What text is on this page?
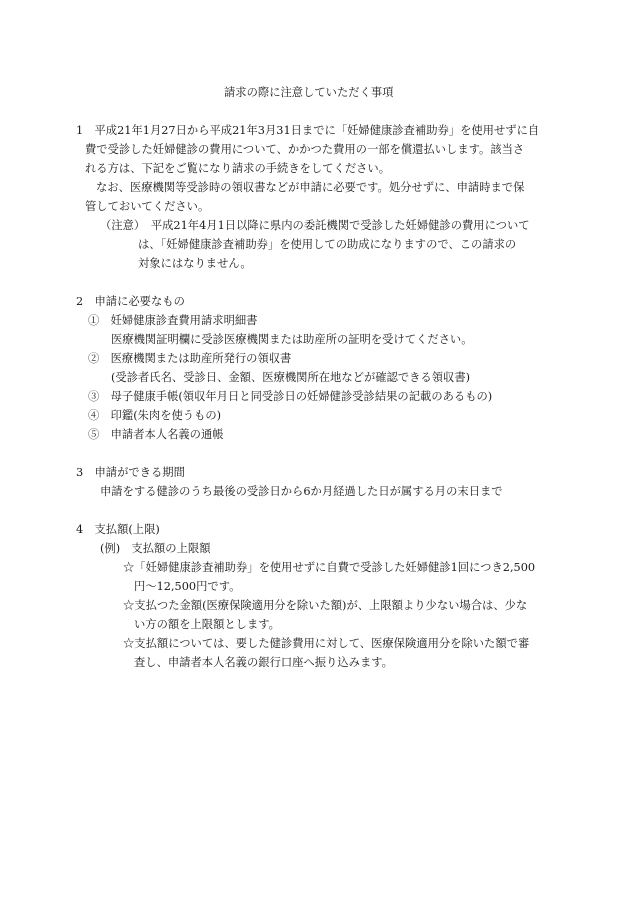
請求の際に注意していただく事項
1　平成21年1月27日から平成21年3月31日までに「妊婦健康診査補助券」を使用せずに自
費で受診した妊婦健診の費用について、かかつた費用の一部を償還払いします。該当さ
れる方は、下記をご覧になり請求の手続きをしてください。
なお、医療機関等受診時の領収書などが申請に必要です。処分せずに、申請時まで保
管しておいてください。
（注意）　平成21年4月1日以降に県内の委託機関で受診した妊婦健診の費用について
は、「妊婦健康診査補助券」を使用しての助成になりますので、この請求の
対象にはなりません。
2　申請に必要なもの
①　妊婦健康診査費用請求明細書
医療機関証明欄に受診医療機関または助産所の証明を受けてください。
②　医療機関または助産所発行の領収書
(受診者氏名、受診日、金額、医療機関所在地などが確認できる領収書)
③　母子健康手帳(領収年月日と同受診日の妊婦健診受診結果の記載のあるもの)
④　印鑑(朱肉を使うもの)
⑤　申請者本人名義の通帳
3　申請ができる期間
申請をする健診のうち最後の受診日から6か月経過した日が属する月の末日まで
4　支払額(上限)
(例)　支払額の上限額
☆「妊婦健康診査補助券」を使用せずに自費で受診した妊婦健診1回につき2,500
円～12,500円です。
☆支払つた金額(医療保険適用分を除いた額)が、上限額より少ない場合は、少な
い方の額を上限額とします。
☆支払額については、要した健診費用に対して、医療保険適用分を除いた額で審
査し、申請者本人名義の銀行口座へ振り込みます。
